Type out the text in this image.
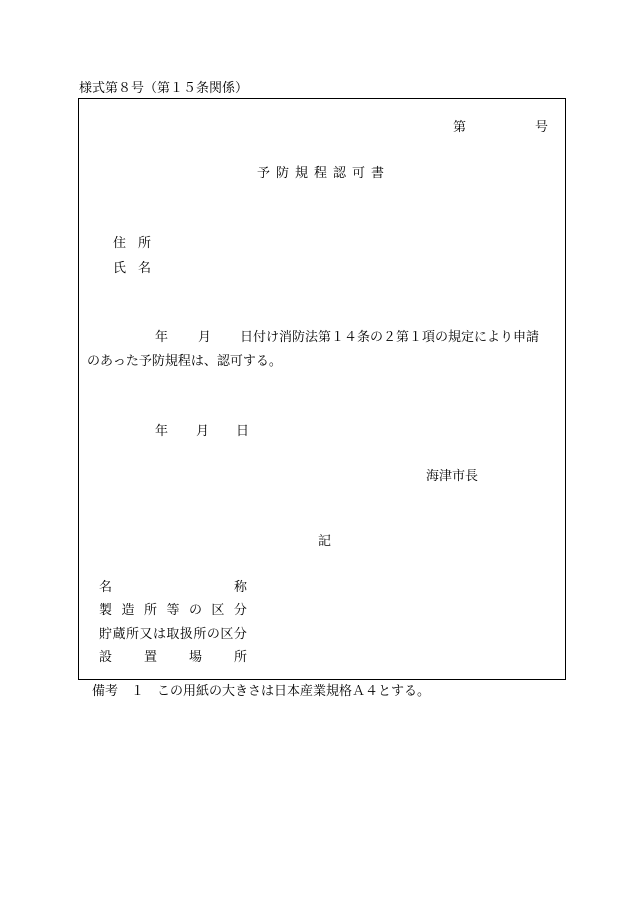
様式第８号（第１５条関係）
第	号
予防規程認可書
住所
氏名
年 月 日付け消防法第１４条の２第１項の規定により申請
のあった予防規程は、認可する。
年 月 日
海津市長
記
名	称
製 造 所 等 の 区 分
貯 蔵 所 又 は 取 扱 所 の 区 分
設 置 場 所
備考　１　この用紙の大きさは日本産業規格Ａ４とする。
